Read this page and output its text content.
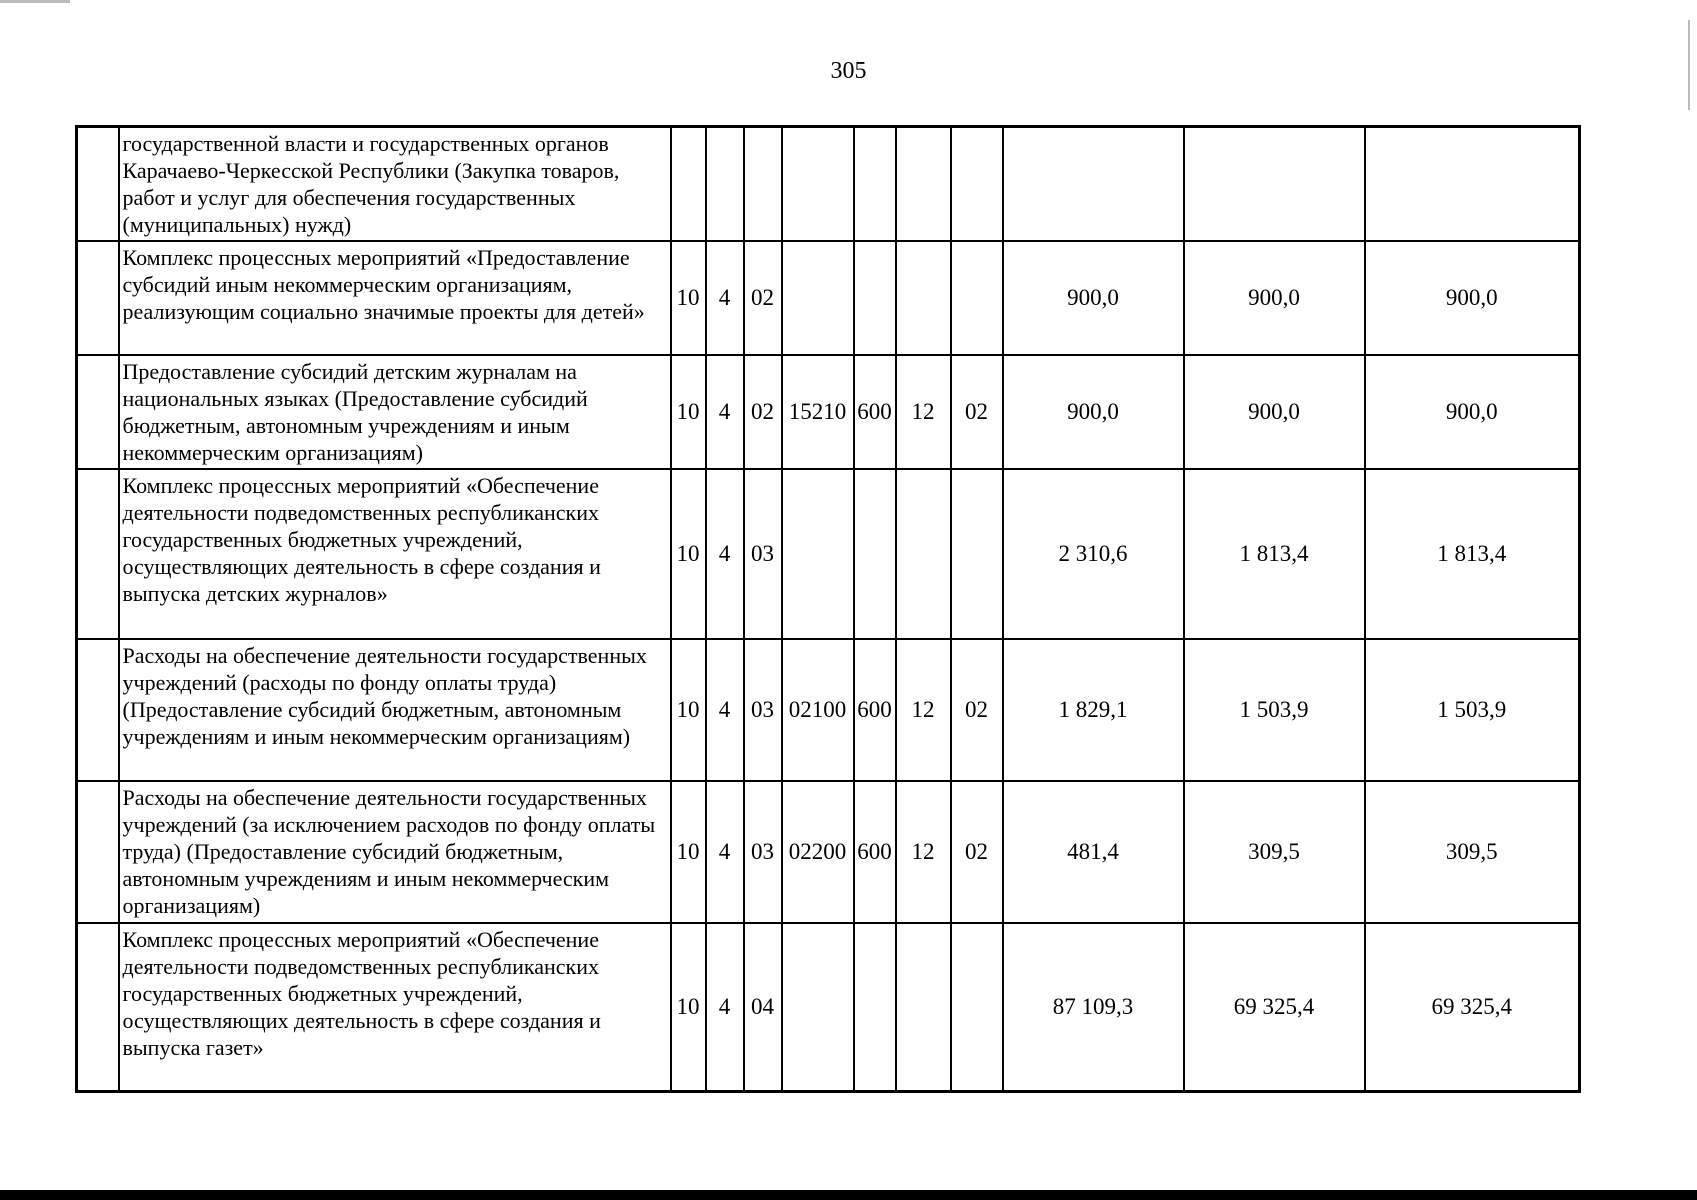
305
	государственной власти и государственных органов Карачаево-Черкесской Республики (Закупка товаров, работ и услуг для обеспечения государственных (муниципальных) нужд)										
	Комплекс процессных мероприятий «Предоставление субсидий иным некоммерческим организациям, реализующим социально значимые проекты для детей»	10	4	02					900,0	900,0	900,0
	Предоставление субсидий детским журналам на национальных языках (Предоставление субсидий бюджетным, автономным учреждениям и иным некоммерческим организациям)	10	4	02	15210	600	12	02	900,0	900,0	900,0
	Комплекс процессных мероприятий «Обеспечение деятельности подведомственных республиканских государственных бюджетных учреждений, осуществляющих деятельность в сфере создания и выпуска детских журналов»	10	4	03					2 310,6	1 813,4	1 813,4
	Расходы на обеспечение деятельности государственных учреждений (расходы по фонду оплаты труда) (Предоставление субсидий бюджетным, автономным учреждениям и иным некоммерческим организациям)	10	4	03	02100	600	12	02	1 829,1	1 503,9	1 503,9
	Расходы на обеспечение деятельности государственных учреждений (за исключением расходов по фонду оплаты труда) (Предоставление субсидий бюджетным, автономным учреждениям и иным некоммерческим организациям)	10	4	03	02200	600	12	02	481,4	309,5	309,5
	Комплекс процессных мероприятий «Обеспечение деятельности подведомственных республиканских государственных бюджетных учреждений, осуществляющих деятельность в сфере создания и выпуска газет»	10	4	04					87 109,3	69 325,4	69 325,4
